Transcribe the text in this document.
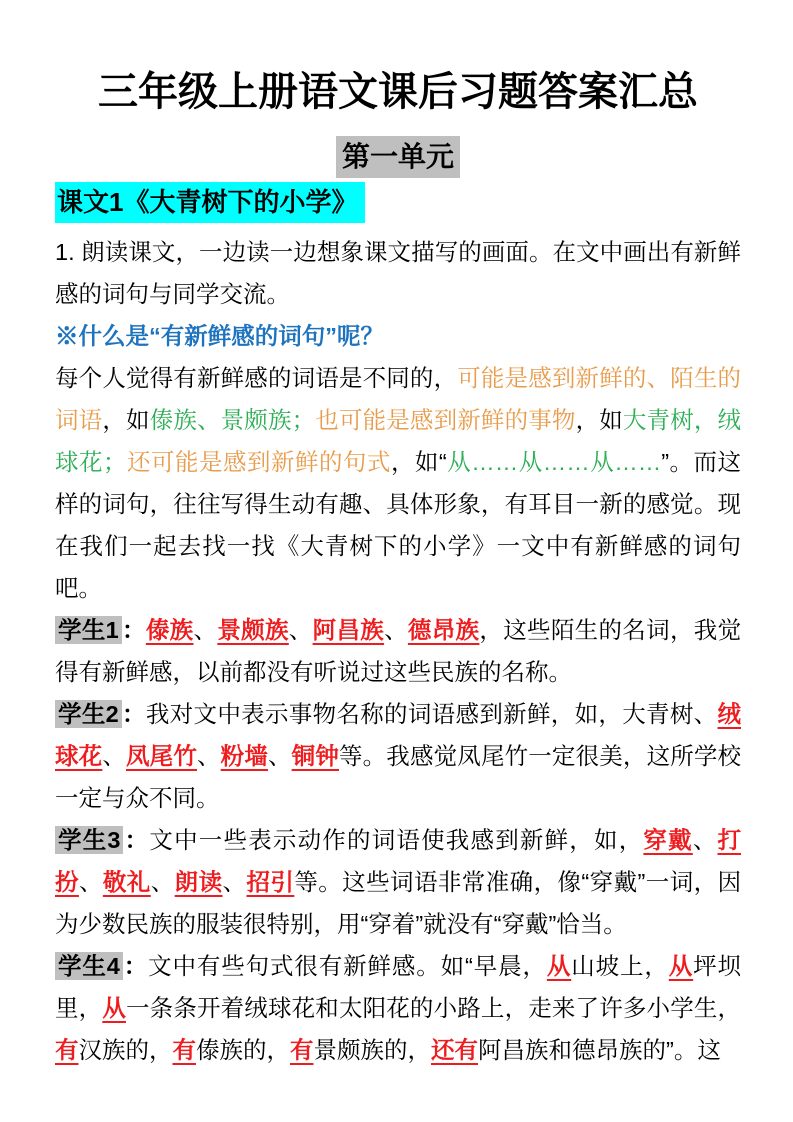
三年级上册语文课后习题答案汇总
第一单元
课文1《大青树下的小学》

1. 朗读课文，一边读一边想象课文描写的画面。在文中画出有新鲜感的词句与同学交流。

※什么是“有新鲜感的词句”呢？

每个人觉得有新鲜感的词语是不同的，可能是感到新鲜的、陌生的词语，如傣族、景颇族；也可能是感到新鲜的事物，如大青树，绒球花；还可能是感到新鲜的句式，如“从……从……从……”。而这样的词句，往往写得生动有趣、具体形象，有耳目一新的感觉。现在我们一起去找一找《大青树下的小学》一文中有新鲜感的词句吧。

学生1 ：傣族、景颇族、阿昌族、德昂族，这些陌生的名词，我觉得有新鲜感，以前都没有听说过这些民族的名称。

学生2 ：我对文中表示事物名称的词语感到新鲜，如，大青树、绒球花、凤尾竹、粉墙、铜钟等。我感觉凤尾竹一定很美，这所学校一定与众不同。

学生3 ：文中一些表示动作的词语使我感到新鲜，如，穿戴、打扮、敬礼、朗读、招引等。这些词语非常准确，像“穿戴”一词，因为少数民族的服装很特别，用“穿着”就没有“穿戴”恰当。

学生4 ：文中有些句式很有新鲜感。如“早晨，从山坡上，从坪坝里，从一条条开着绒球花和太阳花的小路上，走来了许多小学生，有汉族的，有傣族的，有景颇族的，还有阿昌族和德昂族的”。这
